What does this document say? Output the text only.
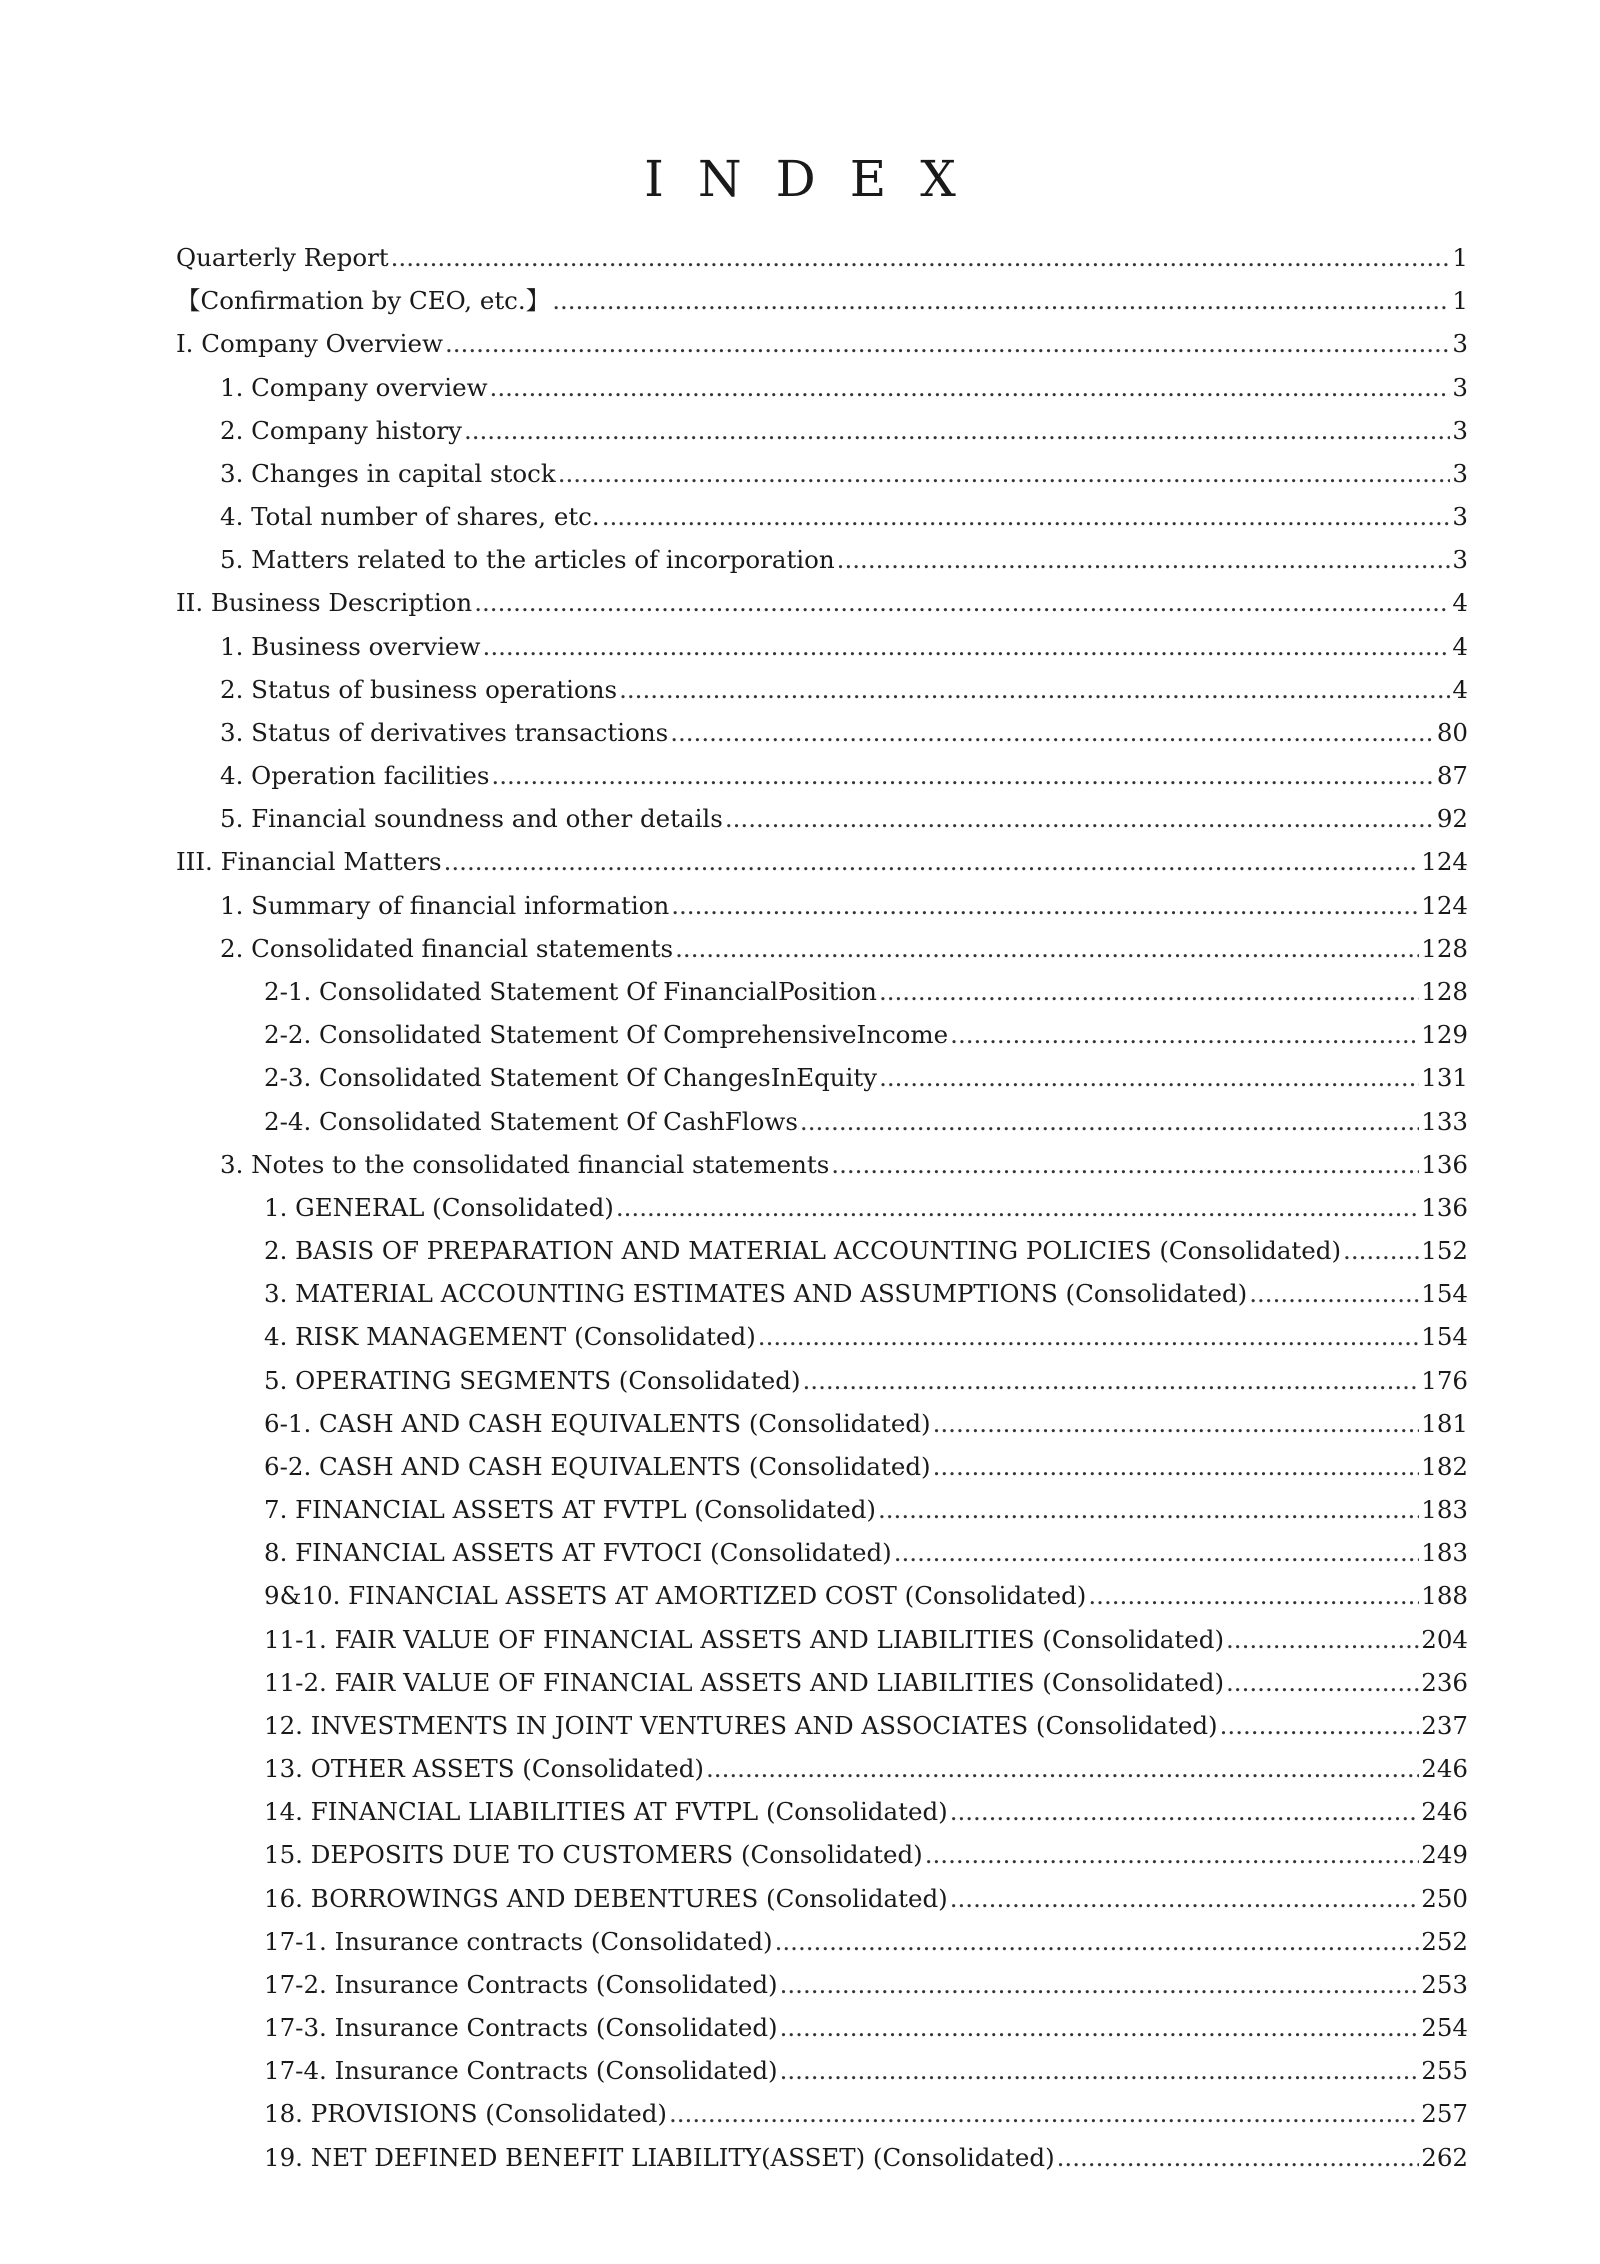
INDEX
Quarterly Report .....	1
【Confirmation by CEO, etc.】 .....	1
I. Company Overview .....	3
1. Company overview .....	3
2. Company history .....	3
3. Changes in capital stock .....	3
4. Total number of shares, etc. .....	3
5. Matters related to the articles of incorporation .....	3
II. Business Description .....	4
1. Business overview .....	4
2. Status of business operations .....	4
3. Status of derivatives transactions .....	80
4. Operation facilities .....	87
5. Financial soundness and other details .....	92
III. Financial Matters .....	124
1. Summary of financial information .....	124
2. Consolidated financial statements .....	128
2-1. Consolidated Statement Of FinancialPosition .....	128
2-2. Consolidated Statement Of ComprehensiveIncome .....	129
2-3. Consolidated Statement Of ChangesInEquity .....	131
2-4. Consolidated Statement Of CashFlows .....	133
3. Notes to the consolidated financial statements .....	136
1. GENERAL (Consolidated) .....	136
2. BASIS OF PREPARATION AND MATERIAL ACCOUNTING POLICIES (Consolidated) .....	152
3. MATERIAL ACCOUNTING ESTIMATES AND ASSUMPTIONS (Consolidated) .....	154
4. RISK MANAGEMENT (Consolidated) .....	154
5. OPERATING SEGMENTS (Consolidated) .....	176
6-1. CASH AND CASH EQUIVALENTS (Consolidated) .....	181
6-2. CASH AND CASH EQUIVALENTS (Consolidated) .....	182
7. FINANCIAL ASSETS AT FVTPL (Consolidated) .....	183
8. FINANCIAL ASSETS AT FVTOCI (Consolidated) .....	183
9&10. FINANCIAL ASSETS AT AMORTIZED COST (Consolidated) .....	188
11-1. FAIR VALUE OF FINANCIAL ASSETS AND LIABILITIES (Consolidated) .....	204
11-2. FAIR VALUE OF FINANCIAL ASSETS AND LIABILITIES (Consolidated) .....	236
12. INVESTMENTS IN JOINT VENTURES AND ASSOCIATES (Consolidated) .....	237
13. OTHER ASSETS (Consolidated) .....	246
14. FINANCIAL LIABILITIES AT FVTPL (Consolidated) .....	246
15. DEPOSITS DUE TO CUSTOMERS (Consolidated) .....	249
16. BORROWINGS AND DEBENTURES (Consolidated) .....	250
17-1. Insurance contracts (Consolidated) .....	252
17-2. Insurance Contracts (Consolidated) .....	253
17-3. Insurance Contracts (Consolidated) .....	254
17-4. Insurance Contracts (Consolidated) .....	255
18. PROVISIONS (Consolidated) .....	257
19. NET DEFINED BENEFIT LIABILITY(ASSET) (Consolidated) .....	262
